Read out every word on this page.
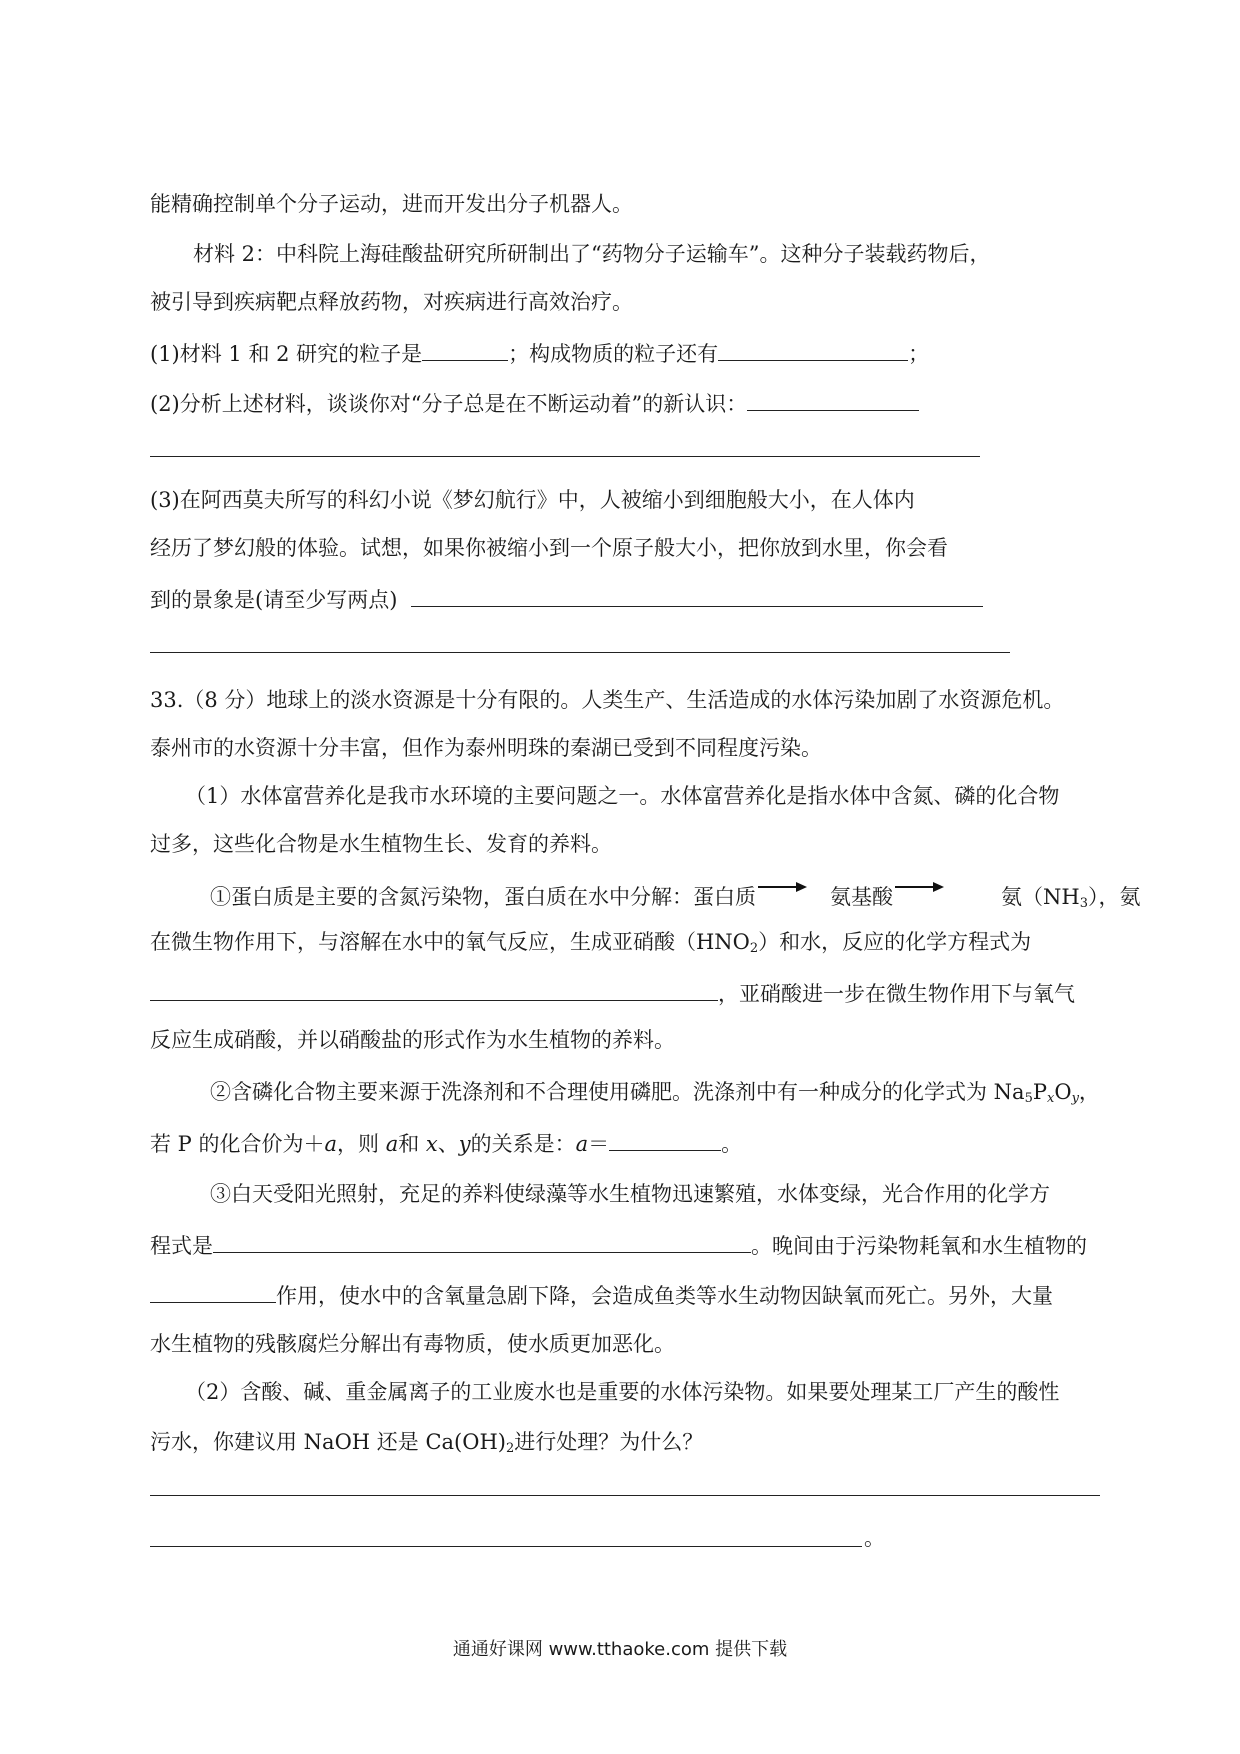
能精确控制单个分子运动，进而开发出分子机器人。
材料 2：中科院上海硅酸盐研究所研制出了“药物分子运输车”。这种分子装载药物后，
被引导到疾病靶点释放药物，对疾病进行高效治疗。
(1)材料 1 和 2 研究的粒子是	；构成物质的粒子还有	；
(2)分析上述材料，谈谈你对“分子总是在不断运动着”的新认识：
(3)在阿西莫夫所写的科幻小说《梦幻航行》中，人被缩小到细胞般大小，在人体内
经历了梦幻般的体验。试想，如果你被缩小到一个原子般大小，把你放到水里，你会看
到的景象是(请至少写两点)
33.（8 分）地球上的淡水资源是十分有限的。人类生产、生活造成的水体污染加剧了水资源危机。
泰州市的水资源十分丰富，但作为泰州明珠的秦湖已受到不同程度污染。
（1）水体富营养化是我市水环境的主要问题之一。水体富营养化是指水体中含氮、磷的化合物
过多，这些化合物是水生植物生长、发育的养料。
①蛋白质是主要的含氮污染物，蛋白质在水中分解：蛋白质	氨基酸	氨$(NH_3)$，氨
在微生物作用下，与溶解在水中的氧气反应，生成亚硝酸$(HNO_2)$和水，反应的化学方程式为
，亚硝酸进一步在微生物作用下与氧气
反应生成硝酸，并以硝酸盐的形式作为水生植物的养料。
②含磷化合物主要来源于洗涤剂和不合理使用磷肥。洗涤剂中有一种成分的化学式为 $Na_5P_xO_y$，
若 P 的化合价为＋a，则 a和 x、y的关系是：a＝	。
③白天受阳光照射，充足的养料使绿藻等水生植物迅速繁殖，水体变绿，光合作用的化学方
程式是	。晚间由于污染物耗氧和水生植物的
作用，使水中的含氧量急剧下降，会造成鱼类等水生动物因缺氧而死亡。另外，大量
水生植物的残骸腐烂分解出有毒物质，使水质更加恶化。
（2）含酸、碱、重金属离子的工业废水也是重要的水体污染物。如果要处理某工厂产生的酸性
污水，你建议用 NaOH 还是 $Ca(OH)_2$进行处理？为什么？
。
通通好课网 www.tthaoke.com 提供下载
